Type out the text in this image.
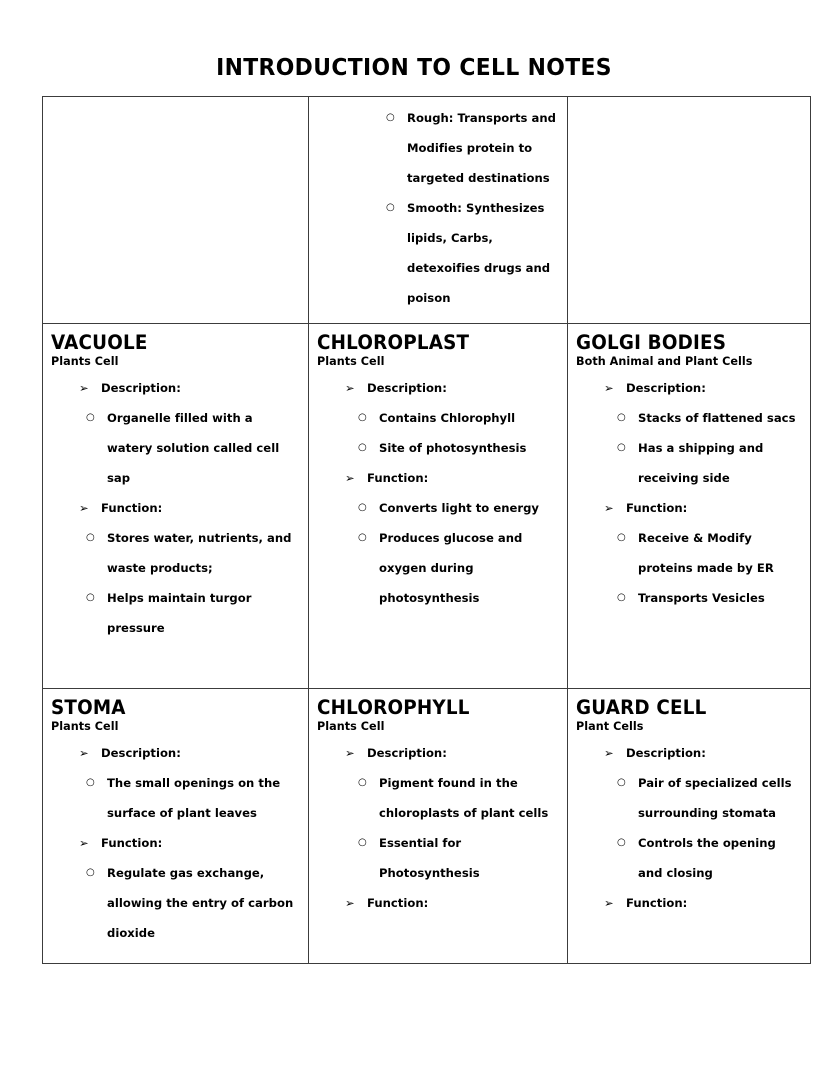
INTRODUCTION TO CELL NOTES

○ Rough: Transports and Modifies protein to targeted destinations
○ Smooth: Synthesizes lipids, Carbs, detexoifies drugs and poison

VACUOLE
Plants Cell
➢ Description:
○ Organelle filled with a watery solution called cell sap
➢ Function:
○ Stores water, nutrients, and waste products;
○ Helps maintain turgor pressure

CHLOROPLAST
Plants Cell
➢ Description:
○ Contains Chlorophyll
○ Site of photosynthesis
➢ Function:
○ Converts light to energy
○ Produces glucose and oxygen during photosynthesis

GOLGI BODIES
Both Animal and Plant Cells
➢ Description:
○ Stacks of flattened sacs
○ Has a shipping and receiving side
➢ Function:
○ Receive & Modify proteins made by ER
○ Transports Vesicles

STOMA
Plants Cell
➢ Description:
○ The small openings on the surface of plant leaves
➢ Function:
○ Regulate gas exchange, allowing the entry of carbon dioxide

CHLOROPHYLL
Plants Cell
➢ Description:
○ Pigment found in the chloroplasts of plant cells
○ Essential for Photosynthesis
➢ Function:

GUARD CELL
Plant Cells
➢ Description:
○ Pair of specialized cells surrounding stomata
○ Controls the opening and closing
➢ Function:
